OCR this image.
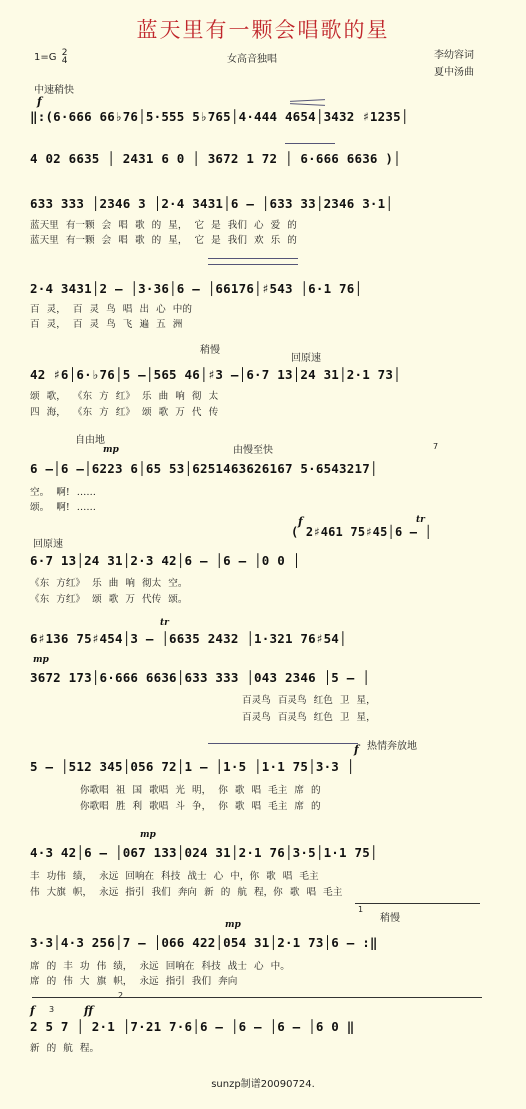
蓝天里有一颗会唱歌的星
1=G 2
4	女高音独唱	李幼容词
夏中汤曲
中速稍快
f
‖:(6·666 66♭76│5·555 5♭765│4·444 4654│3432 ♯1235│
4 02 6635 │ 2431 6 0 │ 3672 1 72 │ 6·666 6636 )│
633 333 │2346 3 │2·4 3431│6 – │633 33│2346 3·1│
蓝天里 有一颗 会 唱 歌 的 星， 它 是 我们 心 爱 的
蓝天里 有一颗 会 唱 歌 的 星， 它 是 我们 欢 乐 的
2·4 3431│2 – │3·36│6 – │66176│♯543 │6·1 76│
百 灵， 百 灵 鸟 唱 出 心 中的
百 灵， 百 灵 鸟 飞 遍 五 洲
稍慢
回原速
42 ♯6│6·♭76│5 –│565 46│♯3 –│6·7 13│24 31│2·1 73│
颂 歌， 《东 方 红》 乐 曲 响 彻 太
四 海， 《东 方 红》 颂 歌 万 代 传
自由地
由慢至快
mp	7
6 –│6 –│6223 6│65 53│6251463626167 5·6543217│
空。 啊! ……
颂。 啊! ……
f
( 2♯461 75♯45│6 – │
tr
回原速
6·7 13│24 31│2·3 42│6 – │6 – │0 0 │
《东 方红》 乐 曲 响 彻太 空。
《东 方红》 颂 歌 万 代传 颂。
tr
6♯136 75♯454│3 – │6635 2432 │1·321 76♯54│
mp
3672 173│6·666 6636│633 333 │043 2346 │5 – │
百灵鸟 百灵鸟 红色 卫 星，
百灵鸟 百灵鸟 红色 卫 星，
热情奔放地
f
5 – │512 345│056 72│1 – │1·5 │1·1 75│3·3 │
你歌唱 祖 国 歌唱 光 明， 你 歌 唱 毛主 席 的
你歌唱 胜 利 歌唱 斗 争， 你 歌 唱 毛主 席 的
mp
4·3 42│6 – │067 133│024 31│2·1 76│3·5│1·1 75│
丰 功伟 绩， 永远 回响在 科技 战士 心 中，你 歌 唱 毛主
伟 大旗 帜， 永远 指引 我们 奔向 新 的 航 程，你 歌 唱 毛主
1
稍慢
mp
3·3│4·3 256│7 – │066 422│054 31│2·1 73│6 – :‖
席 的 丰 功 伟 绩， 永远 回响在 科技 战士 心 中。
席 的 伟 大 旗 帜， 永远 指引 我们 奔向
2
f 3	ff
2 5 7 │ 2·1 │7·21 7·6│6 – │6 – │6 – │6 0 ‖
新 的 航 程。
sunzp制谱20090724.
